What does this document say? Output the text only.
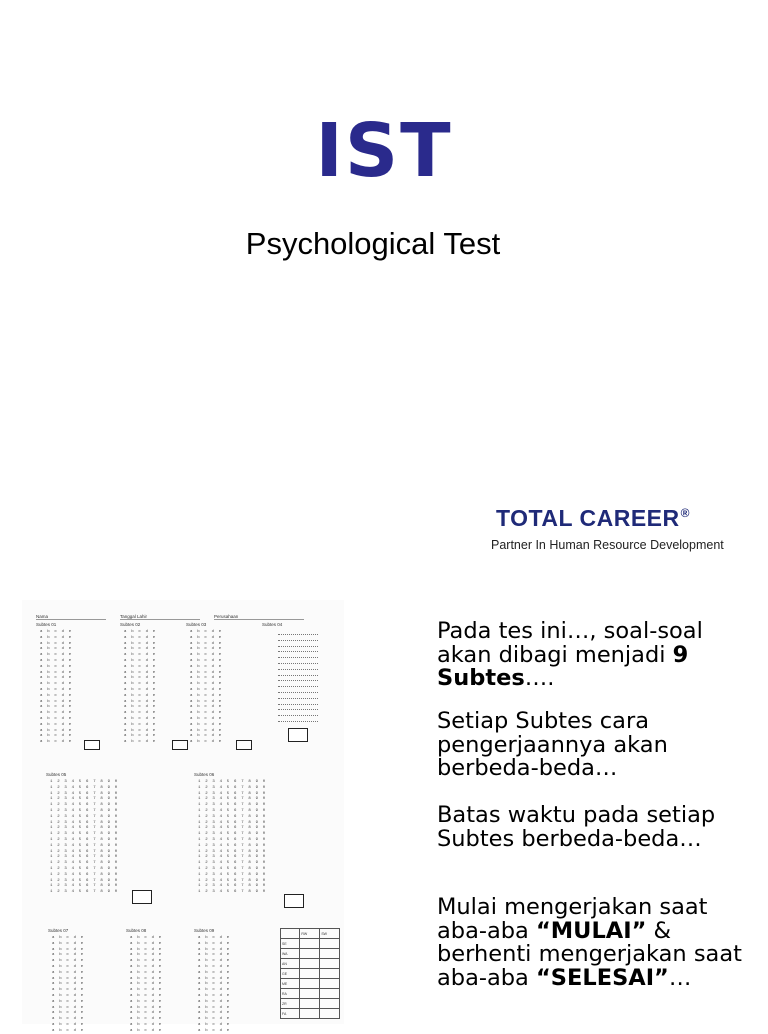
IST
Psychological Test
TOTAL CAREER®
Partner In Human Resource Development
Nama	Tanggal Lahir	Perusahaan
Subtes 01	Subtes 02	Subtes 03	Subtes 04
Subtes 05	Subtes 06
Subtes 07	Subtes 08	Subtes 09
	RW	SW
SE		
WA		
AN		
GE		
ME		
RA		
ZR		
FA		
a  b  c  d  e
a  b  c  d  e
a  b  c  d  e
a  b  c  d  e
a  b  c  d  e
a  b  c  d  e
a  b  c  d  e
a  b  c  d  e
a  b  c  d  e
a  b  c  d  e
a  b  c  d  e
a  b  c  d  e
a  b  c  d  e
a  b  c  d  e
a  b  c  d  e
a  b  c  d  e
a  b  c  d  e
a  b  c  d  e
a  b  c  d  e
a  b  c  d  e
a  b  c  d  e
a  b  c  d  e
a  b  c  d  e
a  b  c  d  e
a  b  c  d  e
a  b  c  d  e
a  b  c  d  e
a  b  c  d  e
a  b  c  d  e
a  b  c  d  e
a  b  c  d  e
a  b  c  d  e
a  b  c  d  e
a  b  c  d  e
a  b  c  d  e
a  b  c  d  e
a  b  c  d  e
a  b  c  d  e
a  b  c  d  e
a  b  c  d  e
a  b  c  d  e
a  b  c  d  e
a  b  c  d  e
a  b  c  d  e
a  b  c  d  e
a  b  c  d  e
a  b  c  d  e
a  b  c  d  e
a  b  c  d  e
a  b  c  d  e
a  b  c  d  e
a  b  c  d  e
a  b  c  d  e
a  b  c  d  e
a  b  c  d  e
a  b  c  d  e
a  b  c  d  e
a  b  c  d  e
a  b  c  d  e
a  b  c  d  e
1  2  3  4  5  6  7  8  9  0
1  2  3  4  5  6  7  8  9  0
1  2  3  4  5  6  7  8  9  0
1  2  3  4  5  6  7  8  9  0
1  2  3  4  5  6  7  8  9  0
1  2  3  4  5  6  7  8  9  0
1  2  3  4  5  6  7  8  9  0
1  2  3  4  5  6  7  8  9  0
1  2  3  4  5  6  7  8  9  0
1  2  3  4  5  6  7  8  9  0
1  2  3  4  5  6  7  8  9  0
1  2  3  4  5  6  7  8  9  0
1  2  3  4  5  6  7  8  9  0
1  2  3  4  5  6  7  8  9  0
1  2  3  4  5  6  7  8  9  0
1  2  3  4  5  6  7  8  9  0
1  2  3  4  5  6  7  8  9  0
1  2  3  4  5  6  7  8  9  0
1  2  3  4  5  6  7  8  9  0
1  2  3  4  5  6  7  8  9  0
1  2  3  4  5  6  7  8  9  0
1  2  3  4  5  6  7  8  9  0
1  2  3  4  5  6  7  8  9  0
1  2  3  4  5  6  7  8  9  0
1  2  3  4  5  6  7  8  9  0
1  2  3  4  5  6  7  8  9  0
1  2  3  4  5  6  7  8  9  0
1  2  3  4  5  6  7  8  9  0
1  2  3  4  5  6  7  8  9  0
1  2  3  4  5  6  7  8  9  0
1  2  3  4  5  6  7  8  9  0
1  2  3  4  5  6  7  8  9  0
1  2  3  4  5  6  7  8  9  0
1  2  3  4  5  6  7  8  9  0
1  2  3  4  5  6  7  8  9  0
1  2  3  4  5  6  7  8  9  0
1  2  3  4  5  6  7  8  9  0
1  2  3  4  5  6  7  8  9  0
1  2  3  4  5  6  7  8  9  0
1  2  3  4  5  6  7  8  9  0
a  b  c  d  e
a  b  c  d  e
a  b  c  d  e
a  b  c  d  e
a  b  c  d  e
a  b  c  d  e
a  b  c  d  e
a  b  c  d  e
a  b  c  d  e
a  b  c  d  e
a  b  c  d  e
a  b  c  d  e
a  b  c  d  e
a  b  c  d  e
a  b  c  d  e
a  b  c  d  e
a  b  c  d  e
a  b  c  d  e
a  b  c  d  e
a  b  c  d  e
a  b  c  d  e
a  b  c  d  e
a  b  c  d  e
a  b  c  d  e
a  b  c  d  e
a  b  c  d  e
a  b  c  d  e
a  b  c  d  e
a  b  c  d  e
a  b  c  d  e
a  b  c  d  e
a  b  c  d  e
a  b  c  d  e
a  b  c  d  e
a  b  c  d  e
a  b  c  d  e
a  b  c  d  e
a  b  c  d  e
a  b  c  d  e
a  b  c  d  e
a  b  c  d  e
a  b  c  d  e
a  b  c  d  e
a  b  c  d  e
a  b  c  d  e
a  b  c  d  e
a  b  c  d  e
a  b  c  d  e
a  b  c  d  e
a  b  c  d  e
a  b  c  d  e

Pada tes ini…, soal-soal akan dibagi menjadi 9 Subtes….

Setiap Subtes cara pengerjaannya akan berbeda-beda…

Batas waktu pada setiap Subtes berbeda-beda…

Mulai mengerjakan saat aba-aba “MULAI” & berhenti mengerjakan saat aba-aba “SELESAI”…
